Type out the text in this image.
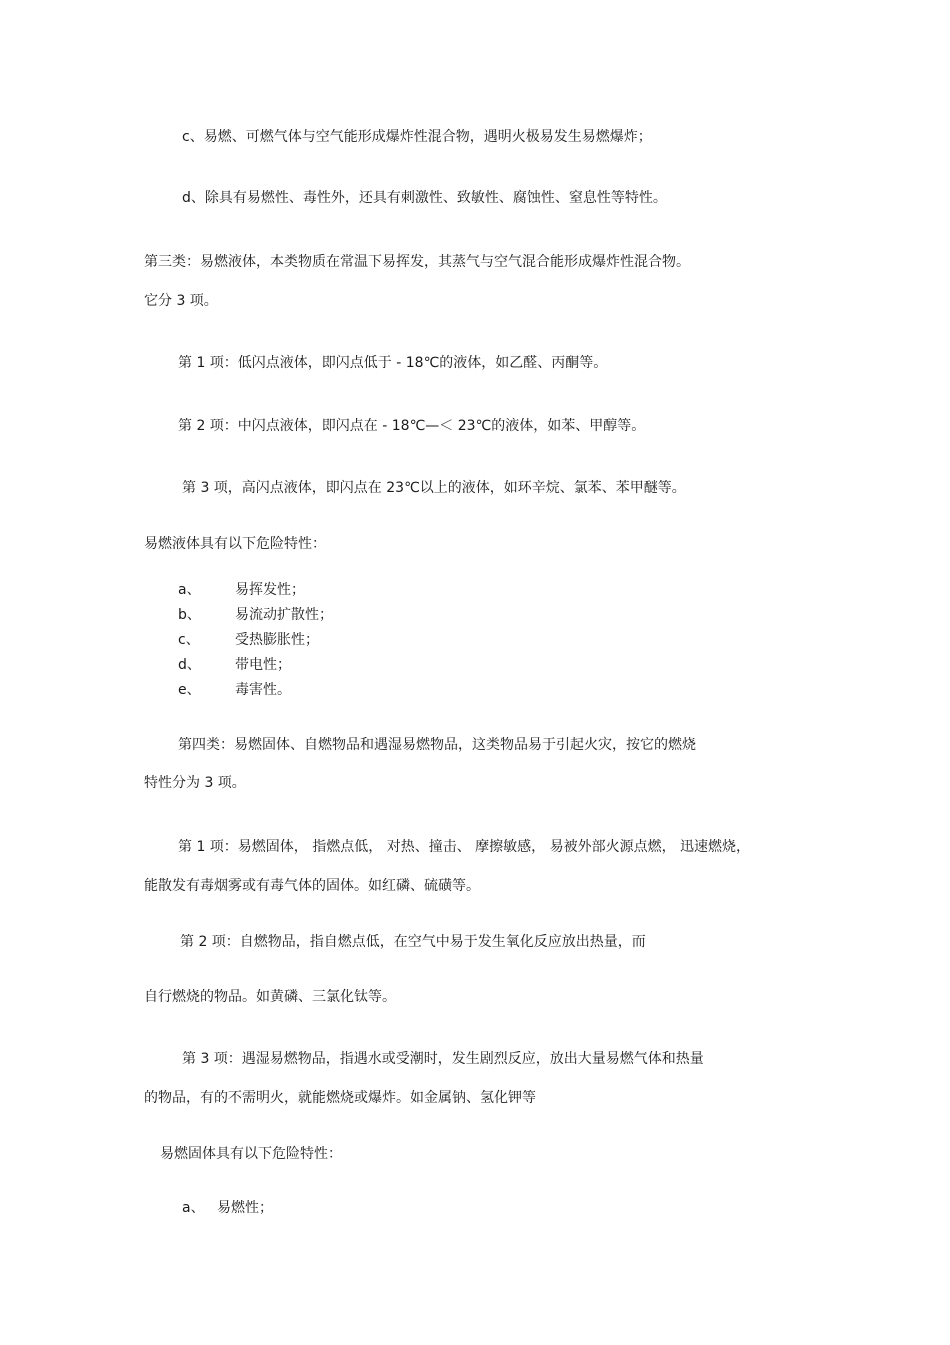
c、易燃、可燃气体与空气能形成爆炸性混合物，遇明火极易发生易燃爆炸；
d、除具有易燃性、毒性外，还具有刺激性、致敏性、腐蚀性、窒息性等特性。
第三类：易燃液体，本类物质在常温下易挥发，其蒸气与空气混合能形成爆炸性混合物。
它分 3 项。
第 1 项：低闪点液体，即闪点低于 - 18℃的液体，如乙醛、丙酮等。
第 2 项：中闪点液体，即闪点在 - 18℃—＜ 23℃的液体，如苯、甲醇等。
第 3 项，高闪点液体，即闪点在 23℃以上的液体，如环辛烷、氯苯、苯甲醚等。
易燃液体具有以下危险特性：
a、 易挥发性；
b、 易流动扩散性；
c、	受热膨胀性；
d、 带电性；
e、 毒害性。
第四类：易燃固体、自燃物品和遇湿易燃物品，这类物品易于引起火灾，按它的燃烧
特性分为 3 项。
第 1 项：易燃固体， 指燃点低， 对热、撞击、 摩擦敏感， 易被外部火源点燃， 迅速燃烧，
能散发有毒烟雾或有毒气体的固体。如红磷、硫磺等。
第 2 项：自燃物品，指自燃点低，在空气中易于发生氧化反应放出热量，而
自行燃烧的物品。如黄磷、三氯化钛等。
第 3 项：遇湿易燃物品，指遇水或受潮时，发生剧烈反应，放出大量易燃气体和热量
的物品，有的不需明火，就能燃烧或爆炸。如金属钠、氢化钾等
易燃固体具有以下危险特性：
a、 易燃性；
